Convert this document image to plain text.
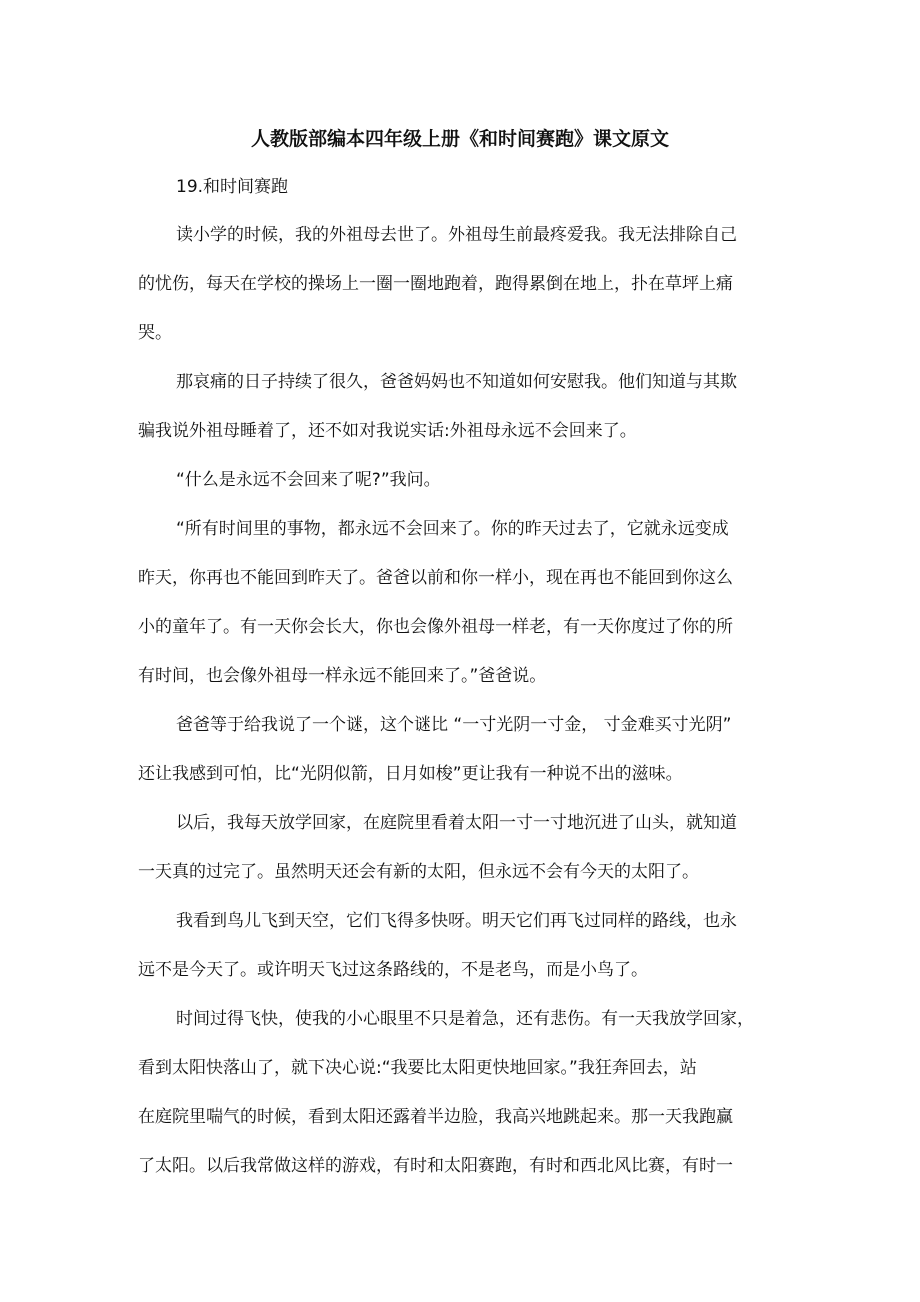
人教版部编本四年级上册《和时间赛跑》课文原文
19.和时间赛跑
读小学的时候，我的外祖母去世了。外祖母生前最疼爱我。我无法排除自己
的忧伤，每天在学校的操场上一圈一圈地跑着，跑得累倒在地上，扑在草坪上痛
哭。
那哀痛的日子持续了很久，爸爸妈妈也不知道如何安慰我。他们知道与其欺
骗我说外祖母睡着了，还不如对我说实话:外祖母永远不会回来了。
“什么是永远不会回来了呢?”我问。
“所有时间里的事物，都永远不会回来了。你的昨天过去了，它就永远变成
昨天，你再也不能回到昨天了。爸爸以前和你一样小，现在再也不能回到你这么
小的童年了。有一天你会长大，你也会像外祖母一样老，有一天你度过了你的所
有时间，也会像外祖母一样永远不能回来了。”爸爸说。
爸爸等于给我说了一个谜，这个谜比 “一寸光阴一寸金， 寸金难买寸光阴”
还让我感到可怕，比“光阴似箭，日月如梭”更让我有一种说不出的滋味。
以后，我每天放学回家，在庭院里看着太阳一寸一寸地沉进了山头，就知道
一天真的过完了。虽然明天还会有新的太阳，但永远不会有今天的太阳了。
我看到鸟儿飞到天空，它们飞得多快呀。明天它们再飞过同样的路线，也永
远不是今天了。或许明天飞过这条路线的，不是老鸟，而是小鸟了。
时间过得飞快，使我的小心眼里不只是着急，还有悲伤。有一天我放学回家，
看到太阳快落山了，就下决心说:“我要比太阳更快地回家。”我狂奔回去，站
在庭院里喘气的时候，看到太阳还露着半边脸，我高兴地跳起来。那一天我跑赢
了太阳。以后我常做这样的游戏，有时和太阳赛跑，有时和西北风比赛，有时一
